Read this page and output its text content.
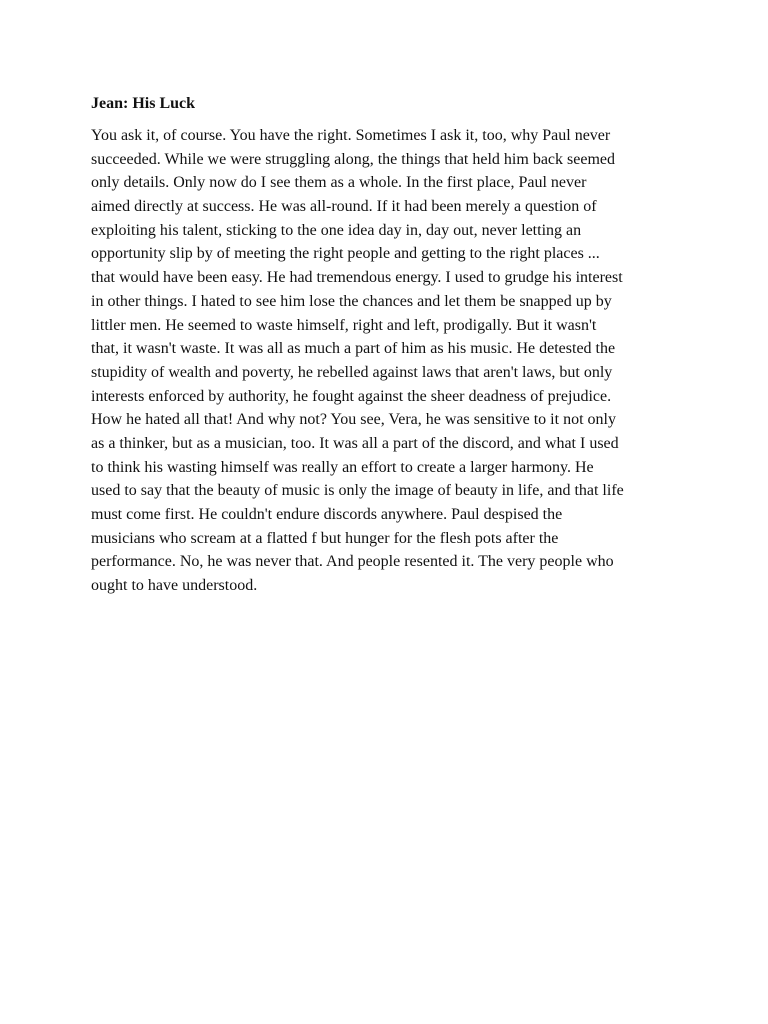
Jean: His Luck
You ask it, of course. You have the right. Sometimes I ask it, too, why Paul never
succeeded. While we were struggling along, the things that held him back seemed
only details. Only now do I see them as a whole. In the first place, Paul never
aimed directly at success. He was all-round. If it had been merely a question of
exploiting his talent, sticking to the one idea day in, day out, never letting an
opportunity slip by of meeting the right people and getting to the right places ...
that would have been easy. He had tremendous energy. I used to grudge his interest
in other things. I hated to see him lose the chances and let them be snapped up by
littler men. He seemed to waste himself, right and left, prodigally. But it wasn't
that, it wasn't waste. It was all as much a part of him as his music. He detested the
stupidity of wealth and poverty, he rebelled against laws that aren't laws, but only
interests enforced by authority, he fought against the sheer deadness of prejudice.
How he hated all that! And why not? You see, Vera, he was sensitive to it not only
as a thinker, but as a musician, too. It was all a part of the discord, and what I used
to think his wasting himself was really an effort to create a larger harmony. He
used to say that the beauty of music is only the image of beauty in life, and that life
must come first. He couldn't endure discords anywhere. Paul despised the
musicians who scream at a flatted f but hunger for the flesh pots after the
performance. No, he was never that. And people resented it. The very people who
ought to have understood.
